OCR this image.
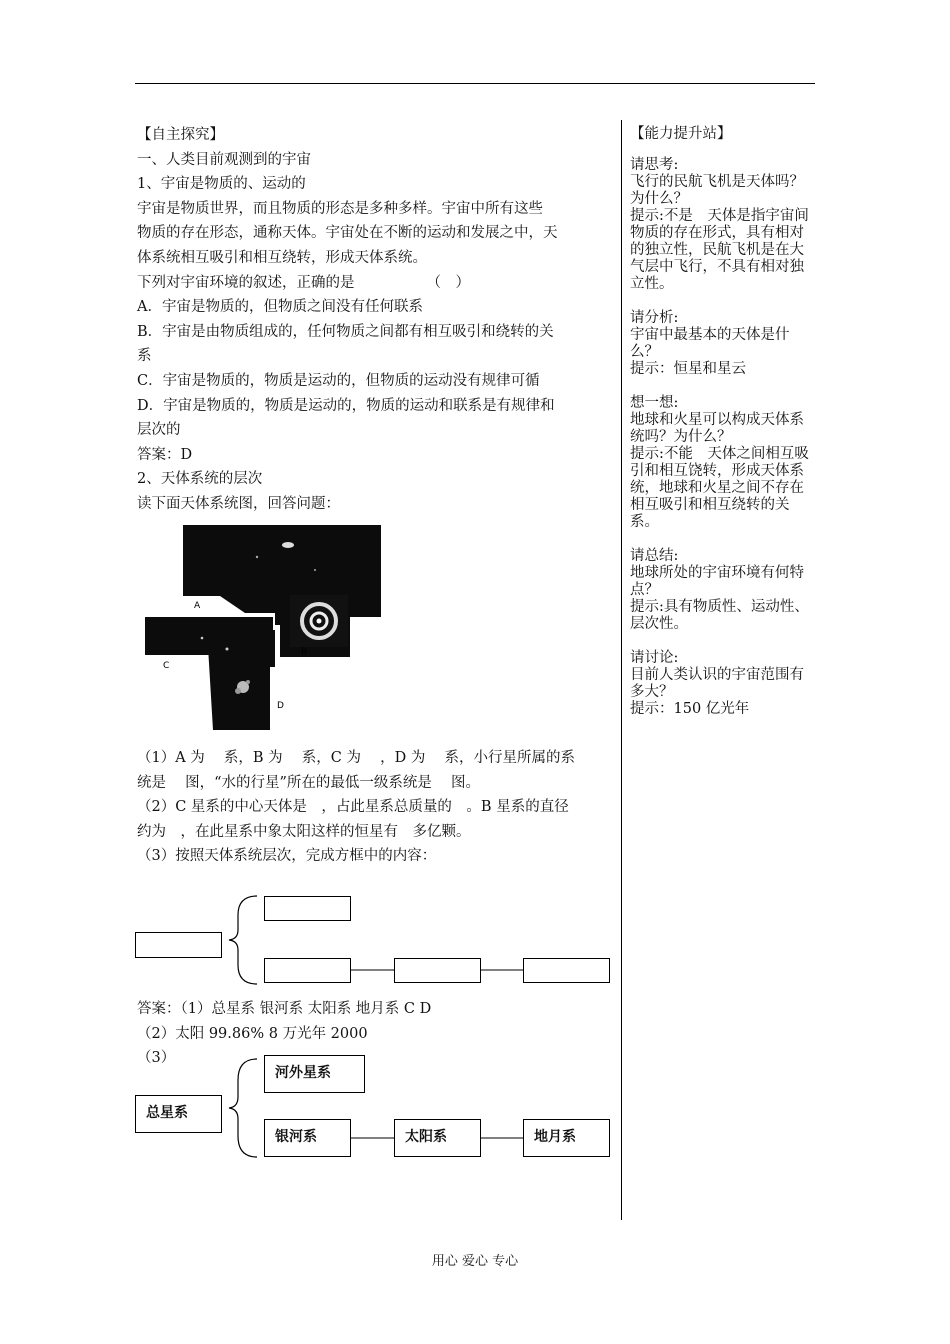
【自主探究】

一、人类目前观测到的宇宙

1、宇宙是物质的、运动的

宇宙是物质世界，而且物质的形态是多种多样。宇宙中所有这些

物质的存在形态，通称天体。宇宙处在不断的运动和发展之中，天

体系统相互吸引和相互绕转，形成天体系统。

下列对宇宙环境的叙述，正确的是	（　）

A．宇宙是物质的，但物质之间没有任何联系

B．宇宙是由物质组成的，任何物质之间都有相互吸引和绕转的关

系

C．宇宙是物质的，物质是运动的，但物质的运动没有规律可循

D．宇宙是物质的，物质是运动的，物质的运动和联系是有规律和

层次的

答案：D

2、天体系统的层次

读下面天体系统图，回答问题：

A
B
C
D

（1）A 为　 系，B 为　 系，C 为　 ，D 为　 系，小行星所属的系

统是　 图，“水的行星”所在的最低一级系统是　 图。

（2）C 星系的中心天体是　，占此星系总质量的　。B 星系的直径

约为　，在此星系中象太阳这样的恒星有　多亿颗。

（3）按照天体系统层次，完成方框中的内容：

答案：（1）总星系 银河系 太阳系 地月系 C D

（2）太阳 99.86% 8 万光年 2000

（3）

总星系
河外星系
银河系	太阳系	地月系

【能力提升站】

请思考:

飞行的民航飞机是天体吗？为什么？

提示:不是　天体是指宇宙间物质的存在形式，具有相对的独立性，民航飞机是在大气层中飞行，不具有相对独立性。

请分析:

宇宙中最基本的天体是什么？

提示：恒星和星云

想一想:

地球和火星可以构成天体系统吗？为什么？

提示:不能　天体之间相互吸引和相互饶转，形成天体系统，地球和火星之间不存在相互吸引和相互绕转的关系。

请总结:

地球所处的宇宙环境有何特点？

提示:具有物质性、运动性、层次性。

请讨论:

目前人类认识的宇宙范围有多大？

提示：150 亿光年

用心 爱心 专心
